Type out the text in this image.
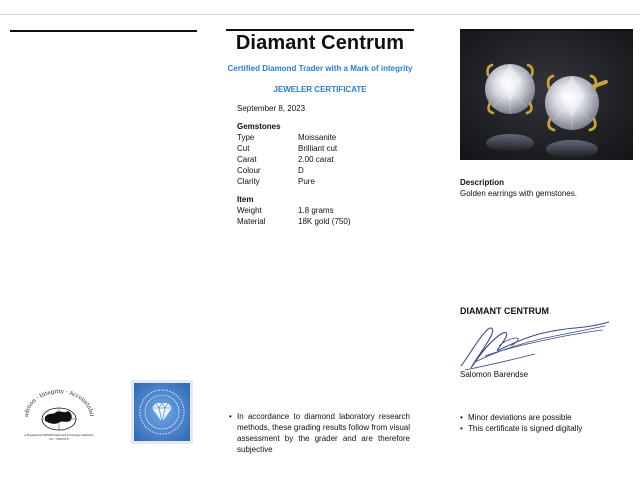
Diamant Centrum
Certified Diamond Trader with a Mark of integrity
JEWELER CERTIFICATE
September 8, 2023
Gemstones
Type	Moissanite
Cut	Brilliant cut
Carat	2.00 carat
Colour	D
Clarity	Pure
Item
Weight	1.8 grams
Material	18K gold (750)
Description
Golden earrings with gemstones.
DIAMANT CENTRUM
Salomon Barendse
• In accordance to diamond laboratory research methods, these grading results follow from visual assessment by the grader and are therefore subjective
• Minor deviations are possible
• This certificate is signed digitally
adition · Integrity · Accountabil
A Registered WFDB Diamond Exchange Member
No. 738-5516
